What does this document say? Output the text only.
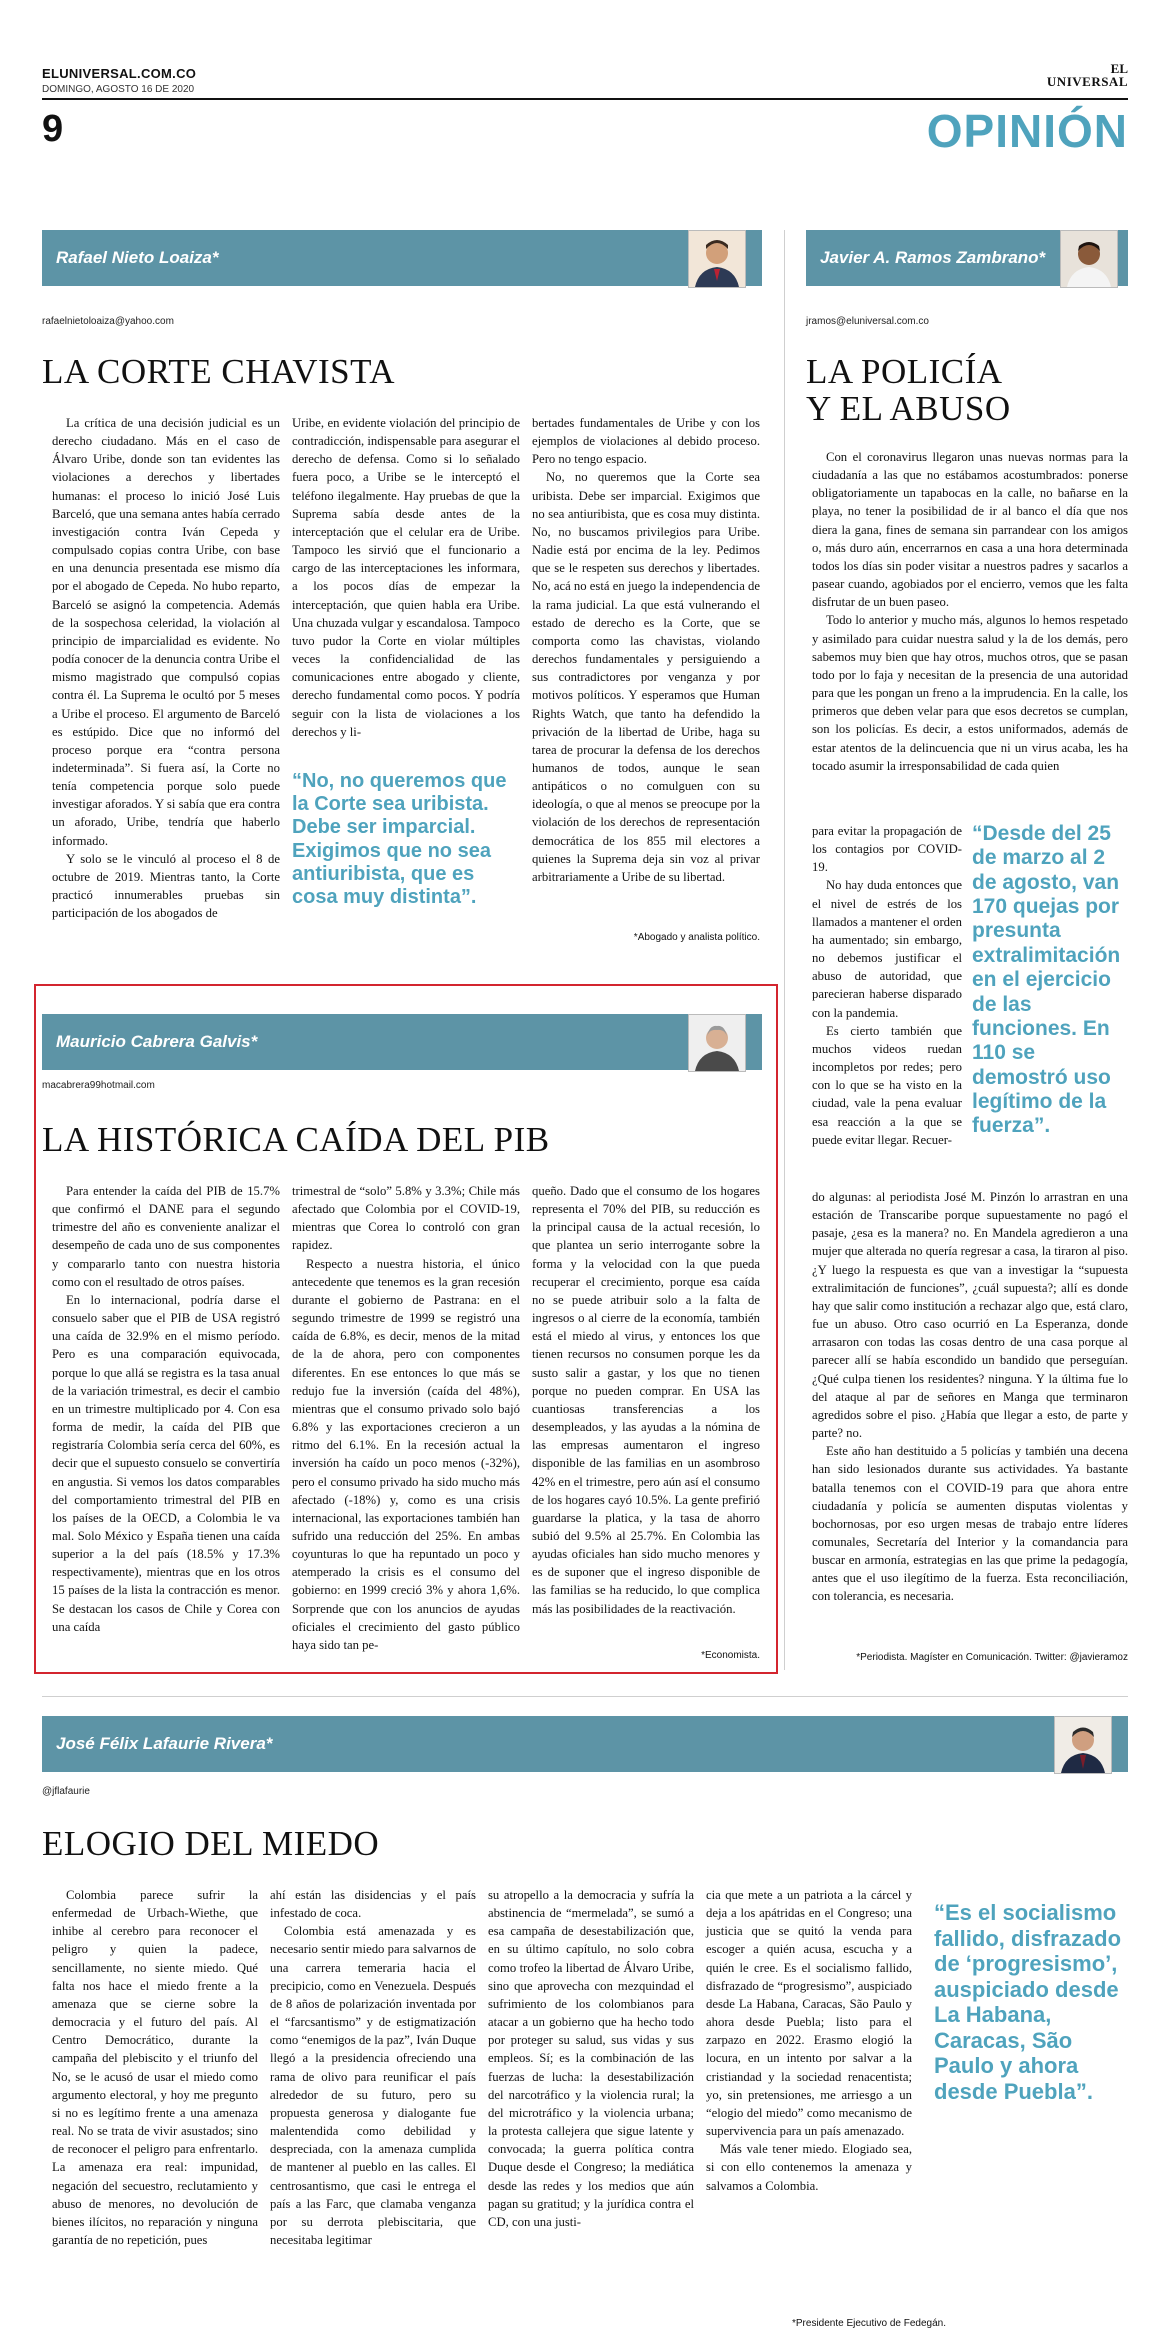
ELUNIVERSAL.COM.CO
DOMINGO, AGOSTO 16 DE 2020
EL
UNIVERSAL
9	OPINIÓN
Rafael Nieto Loaiza*
rafaelnietoloaiza@yahoo.com
LA CORTE CHAVISTA

La crítica de una decisión judicial es un derecho ciudadano. Más en el caso de Álvaro Uribe, donde son tan evidentes las violaciones a derechos y libertades humanas: el proceso lo inició José Luis Barceló, que una semana antes había cerrado investigación contra Iván Cepeda y compulsado copias contra Uribe, con base en una denuncia presentada ese mismo día por el abogado de Cepeda. No hubo reparto, Barceló se asignó la competencia. Además de la sospechosa celeridad, la violación al principio de imparcialidad es evidente. No podía conocer de la denuncia contra Uribe el mismo magistrado que compulsó copias contra él. La Suprema le ocultó por 5 meses a Uribe el proceso. El argumento de Barceló es estúpido. Dice que no informó del proceso porque era “contra persona indeterminada”. Si fuera así, la Corte no tenía competencia porque solo puede investigar aforados. Y si sabía que era contra un aforado, Uribe, tendría que haberlo informado.

Y solo se le vinculó al proceso el 8 de octubre de 2019. Mientras tanto, la Corte practicó innumerables pruebas sin participación de los abogados de

Uribe, en evidente violación del principio de contradicción, indispensable para asegurar el derecho de defensa. Como si lo señalado fuera poco, a Uribe se le interceptó el teléfono ilegalmente. Hay pruebas de que la Suprema sabía desde antes de la interceptación que el celular era de Uribe. Tampoco les sirvió que el funcionario a cargo de las interceptaciones les informara, a los pocos días de empezar la interceptación, que quien habla era Uribe. Una chuzada vulgar y escandalosa. Tampoco tuvo pudor la Corte en violar múltiples veces la confidencialidad de las comunicaciones entre abogado y cliente, derecho fundamental como pocos. Y podría seguir con la lista de violaciones a los derechos y li-

“No, no queremos que la Corte sea uribista. Debe ser imparcial. Exigimos que no sea antiuribista, que es cosa muy distinta”.

bertades fundamentales de Uribe y con los ejemplos de violaciones al debido proceso. Pero no tengo espacio.

No, no queremos que la Corte sea uribista. Debe ser imparcial. Exigimos que no sea antiuribista, que es cosa muy distinta. No, no buscamos privilegios para Uribe. Nadie está por encima de la ley. Pedimos que se le respeten sus derechos y libertades. No, acá no está en juego la independencia de la rama judicial. La que está vulnerando el estado de derecho es la Corte, que se comporta como las chavistas, violando derechos fundamentales y persiguiendo a sus contradictores por venganza y por motivos políticos. Y esperamos que Human Rights Watch, que tanto ha defendido la privación de la libertad de Uribe, haga su tarea de procurar la defensa de los derechos humanos de todos, aunque le sean antipáticos o no comulguen con su ideología, o que al menos se preocupe por la violación de los derechos de representación democrática de los 855 mil electores a quienes la Suprema deja sin voz al privar arbitrariamente a Uribe de su libertad.

*Abogado y analista político.
Javier A. Ramos Zambrano*
jramos@eluniversal.com.co
LA POLICÍA
Y EL ABUSO

Con el coronavirus llegaron unas nuevas normas para la ciudadanía a las que no estábamos acostumbrados: ponerse obligatoriamente un tapabocas en la calle, no bañarse en la playa, no tener la posibilidad de ir al banco el día que nos diera la gana, fines de semana sin parrandear con los amigos o, más duro aún, encerrarnos en casa a una hora determinada todos los días sin poder visitar a nuestros padres y sacarlos a pasear cuando, agobiados por el encierro, vemos que les falta disfrutar de un buen paseo.

Todo lo anterior y mucho más, algunos lo hemos respetado y asimilado para cuidar nuestra salud y la de los demás, pero sabemos muy bien que hay otros, muchos otros, que se pasan todo por lo faja y necesitan de la presencia de una autoridad para que les pongan un freno a la imprudencia. En la calle, los primeros que deben velar para que esos decretos se cumplan, son los policías. Es decir, a estos uniformados, además de estar atentos de la delincuencia que ni un virus acaba, les ha tocado asumir la irresponsabilidad de cada quien

para evitar la propagación de los contagios por COVID-19.

No hay duda entonces que el nivel de estrés de los llamados a mantener el orden ha aumentado; sin embargo, no debemos justificar el abuso de autoridad, que parecieran haberse disparado con la pandemia.

Es cierto también que muchos videos ruedan incompletos por redes; pero con lo que se ha visto en la ciudad, vale la pena evaluar esa reacción a la que se puede evitar llegar. Recuer-

“Desde del 25 de marzo al 2 de agosto, van 170 quejas por presunta extralimitación en el ejercicio de las funciones. En 110 se demostró uso legítimo de la fuerza”.

do algunas: al periodista José M. Pinzón lo arrastran en una estación de Transcaribe porque supuestamente no pagó el pasaje, ¿esa es la manera? no. En Mandela agredieron a una mujer que alterada no quería regresar a casa, la tiraron al piso. ¿Y luego la respuesta es que van a investigar la “supuesta extralimitación de funciones”, ¿cuál supuesta?; allí es donde hay que salir como institución a rechazar algo que, está claro, fue un abuso. Otro caso ocurrió en La Esperanza, donde arrasaron con todas las cosas dentro de una casa porque al parecer allí se había escondido un bandido que perseguían. ¿Qué culpa tienen los residentes? ninguna. Y la última fue lo del ataque al par de señores en Manga que terminaron agredidos sobre el piso. ¿Había que llegar a esto, de parte y parte? no.

Este año han destituido a 5 policías y también una decena han sido lesionados durante sus actividades. Ya bastante batalla tenemos con el COVID-19 para que ahora entre ciudadanía y policía se aumenten disputas violentas y bochornosas, por eso urgen mesas de trabajo entre líderes comunales, Secretaría del Interior y la comandancia para buscar en armonía, estrategias en las que prime la pedagogía, antes que el uso ilegítimo de la fuerza. Esta reconciliación, con tolerancia, es necesaria.

*Periodista. Magíster en Comunicación. Twitter: @javieramoz
Mauricio Cabrera Galvis*
macabrera99hotmail.com
LA HISTÓRICA CAÍDA DEL PIB

Para entender la caída del PIB de 15.7% que confirmó el DANE para el segundo trimestre del año es conveniente analizar el desempeño de cada uno de sus componentes y compararlo tanto con nuestra historia como con el resultado de otros países.

En lo internacional, podría darse el consuelo saber que el PIB de USA registró una caída de 32.9% en el mismo período. Pero es una comparación equivocada, porque lo que allá se registra es la tasa anual de la variación trimestral, es decir el cambio en un trimestre multiplicado por 4. Con esa forma de medir, la caída del PIB que registraría Colombia sería cerca del 60%, es decir que el supuesto consuelo se convertiría en angustia. Si vemos los datos comparables del comportamiento trimestral del PIB en los países de la OECD, a Colombia le va mal. Solo México y España tienen una caída superior a la del país (18.5% y 17.3% respectivamente), mientras que en los otros 15 países de la lista la contracción es menor. Se destacan los casos de Chile y Corea con una caída

trimestral de “solo” 5.8% y 3.3%; Chile más afectado que Colombia por el COVID-19, mientras que Corea lo controló con gran rapidez.

Respecto a nuestra historia, el único antecedente que tenemos es la gran recesión durante el gobierno de Pastrana: en el segundo trimestre de 1999 se registró una caída de 6.8%, es decir, menos de la mitad de la de ahora, pero con componentes diferentes. En ese entonces lo que más se redujo fue la inversión (caída del 48%), mientras que el consumo privado solo bajó 6.8% y las exportaciones crecieron a un ritmo del 6.1%. En la recesión actual la inversión ha caído un poco menos (-32%), pero el consumo privado ha sido mucho más afectado (-18%) y, como es una crisis internacional, las exportaciones también han sufrido una reducción del 25%. En ambas coyunturas lo que ha repuntado un poco y atemperado la crisis es el consumo del gobierno: en 1999 creció 3% y ahora 1,6%. Sorprende que con los anuncios de ayudas oficiales el crecimiento del gasto público haya sido tan pe-

queño. Dado que el consumo de los hogares representa el 70% del PIB, su reducción es la principal causa de la actual recesión, lo que plantea un serio interrogante sobre la forma y la velocidad con la que pueda recuperar el crecimiento, porque esa caída no se puede atribuir solo a la falta de ingresos o al cierre de la economía, también está el miedo al virus, y entonces los que tienen recursos no consumen porque les da susto salir a gastar, y los que no tienen porque no pueden comprar. En USA las cuantiosas transferencias a los desempleados, y las ayudas a la nómina de las empresas aumentaron el ingreso disponible de las familias en un asombroso 42% en el trimestre, pero aún así el consumo de los hogares cayó 10.5%. La gente prefirió guardarse la platica, y la tasa de ahorro subió del 9.5% al 25.7%. En Colombia las ayudas oficiales han sido mucho menores y es de suponer que el ingreso disponible de las familias se ha reducido, lo que complica más las posibilidades de la reactivación.

*Economista.
José Félix Lafaurie Rivera*
@jflafaurie
ELOGIO DEL MIEDO

Colombia parece sufrir la enfermedad de Urbach-Wiethe, que inhibe al cerebro para reconocer el peligro y quien la padece, sencillamente, no siente miedo. Qué falta nos hace el miedo frente a la amenaza que se cierne sobre la democracia y el futuro del país. Al Centro Democrático, durante la campaña del plebiscito y el triunfo del No, se le acusó de usar el miedo como argumento electoral, y hoy me pregunto si no es legítimo frente a una amenaza real. No se trata de vivir asustados; sino de reconocer el peligro para enfrentarlo. La amenaza era real: impunidad, negación del secuestro, reclutamiento y abuso de menores, no devolución de bienes ilícitos, no reparación y ninguna garantía de no repetición, pues

ahí están las disidencias y el país infestado de coca.

Colombia está amenazada y es necesario sentir miedo para salvarnos de una carrera temeraria hacia el precipicio, como en Venezuela. Después de 8 años de polarización inventada por el “farcsantismo” y de estigmatización como “enemigos de la paz”, Iván Duque llegó a la presidencia ofreciendo una rama de olivo para reunificar el país alrededor de su futuro, pero su propuesta generosa y dialogante fue malentendida como debilidad y despreciada, con la amenaza cumplida de mantener al pueblo en las calles. El centrosantismo, que casi le entrega el país a las Farc, que clamaba venganza por su derrota plebiscitaria, que necesitaba legitimar

su atropello a la democracia y sufría la abstinencia de “mermelada”, se sumó a esa campaña de desestabilización que, en su último capítulo, no solo cobra como trofeo la libertad de Álvaro Uribe, sino que aprovecha con mezquindad el sufrimiento de los colombianos para atacar a un gobierno que ha hecho todo por proteger su salud, sus vidas y sus empleos. Sí; es la combinación de las fuerzas de lucha: la desestabilización del narcotráfico y la violencia rural; la del microtráfico y la violencia urbana; la protesta callejera que sigue latente y convocada; la guerra política contra Duque desde el Congreso; la mediática desde las redes y los medios que aún pagan su gratitud; y la jurídica contra el CD, con una justi-

cia que mete a un patriota a la cárcel y deja a los apátridas en el Congreso; una justicia que se quitó la venda para escoger a quién acusa, escucha y a quién le cree. Es el socialismo fallido, disfrazado de “progresismo”, auspiciado desde La Habana, Caracas, São Paulo y ahora desde Puebla; listo para el zarpazo en 2022. Erasmo elogió la locura, en un intento por salvar a la cristiandad y la sociedad renacentista; yo, sin pretensiones, me arriesgo a un “elogio del miedo” como mecanismo de supervivencia para un país amenazado.

Más vale tener miedo. Elogiado sea, si con ello contenemos la amenaza y salvamos a Colombia.

“Es el socialismo fallido, disfrazado de ‘progresismo’, auspiciado desde La Habana, Caracas, São Paulo y ahora desde Puebla”.
*Presidente Ejecutivo de Fedegán.
